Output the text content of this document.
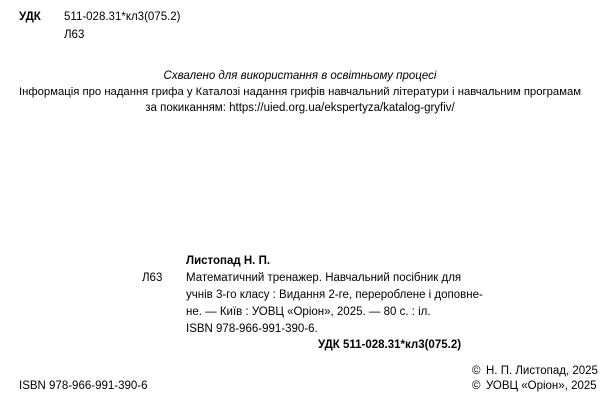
УДК 511-028.31*кл3(075.2)
Л63
Схвалено для використання в освітньому процесі
Інформація про надання грифа у Каталозі надання грифів навчальний літератури і навчальним програмам
за покиканням: https://uied.org.ua/ekspertyza/katalog-gryfiv/
Листопад Н. П.
Л63 Математичний тренажер. Навчальний посібник для
учнів 3-го класу : Видання 2-ге, перероблене і доповне-
не. — Київ : УОВЦ «Оріон», 2025. — 80 с. : іл.
ISBN 978-966-991-390-6.
УДК 511-028.31*кл3(075.2)
ISBN 978-966-991-390-6
© Н. П. Листопад, 2025
© УОВЦ «Оріон», 2025
